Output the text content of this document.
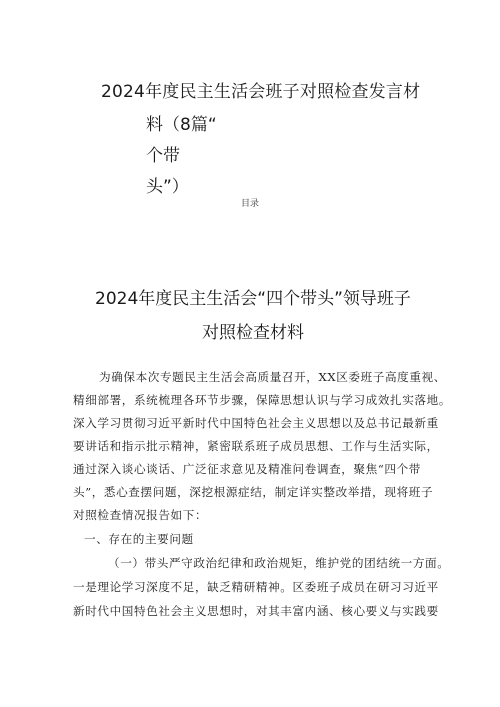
2024年度民主生活会班子对照检查发言材
料（8篇“
个带
头”）
目录
2024年度民主生活会“四个带头”领导班子
对照检查材料
为确保本次专题民主生活会高质量召开，XX区委班子高度重视、
精细部署，系统梳理各环节步骤，保障思想认识与学习成效扎实落地。
深入学习贯彻习近平新时代中国特色社会主义思想以及总书记最新重
要讲话和指示批示精神，紧密联系班子成员思想、工作与生活实际，
通过深入谈心谈话、广泛征求意见及精准问卷调查，聚焦“四个带
头”，悉心查摆问题，深挖根源症结，制定详实整改举措，现将班子
对照检查情况报告如下：
一、存在的主要问题
（一）带头严守政治纪律和政治规矩，维护党的团结统一方面。
一是理论学习深度不足，缺乏精研精神。区委班子成员在研习习近平
新时代中国特色社会主义思想时，对其丰富内涵、核心要义与实践要
